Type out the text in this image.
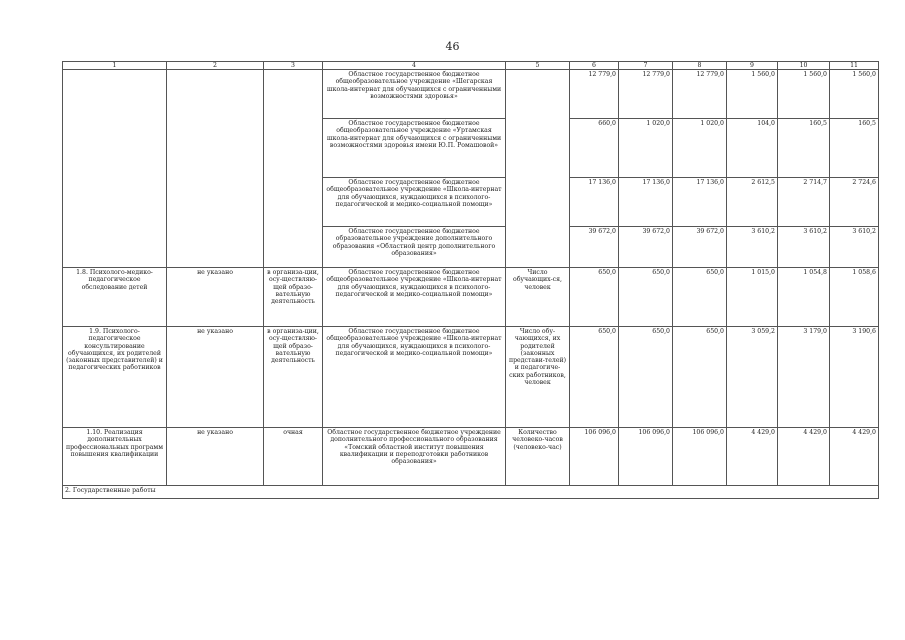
46
1	2	3	4	5	6	7	8	9	10	11
			Областное государственное бюджетное общеобразовательное учреждение «Шегарская школа-интернат для обучающихся с ограниченными возможностями здоровья»		12 779,0	12 779,0	12 779,0	1 560,0	1 560,0	1 560,0
			Областное государственное бюджетное общеобразовательное учреждение «Уртамская школа-интернат для обучающихся с ограниченными возможностями здоровья имени Ю.П. Ромашовой»		660,0	1 020,0	1 020,0	104,0	160,5	160,5
			Областное государственное бюджетное общеобразовательное учреждение «Школа-интернат для обучающихся, нуждающихся в психолого-педагогической и медико-социальной помощи»		17 136,0	17 136,0	17 136,0	2 612,5	2 714,7	2 724,6
			Областное государственное бюджетное образовательное учреждение дополнительного образования «Областной центр дополнительного образования»		39 672,0	39 672,0	39 672,0	3 610,2	3 610,2	3 610,2
1.8. Психолого-медико-педагогическое обследование детей	не указано	в организа-ции, осу-ществляю-щей образо-вательную деятельность	Областное государственное бюджетное общеобразовательное учреждение «Школа-интернат для обучающихся, нуждающихся в психолого-педагогической и медико-социальной помощи»	Число обучающих-ся, человек	650,0	650,0	650,0	1 015,0	1 054,8	1 058,6
1.9. Психолого-педагогическое консультирование обучающихся, их родителей (законных представителей) и педагогических работников	не указано	в организа-ции, осу-ществляю-щей образо-вательную деятельность	Областное государственное бюджетное общеобразовательное учреждение «Школа-интернат для обучающихся, нуждающихся в психолого-педагогической и медико-социальной помощи»	Число обу-чающихся, их родителей (законных представи-телей) и педагогиче-ских работников, человек	650,0	650,0	650,0	3 059,2	3 179,0	3 190,6
1.10. Реализация дополнительных профессиональных программ повышения квалификации	не указано	очная	Областное государственное бюджетное учреждение дополнительного профессионального образования «Томский областной институт повышения квалификации и переподготовки работников образования»	Количество человеко-часов (человеко-час)	106 096,0	106 096,0	106 096,0	4 429,0	4 429,0	4 429,0
2. Государственные работы										
